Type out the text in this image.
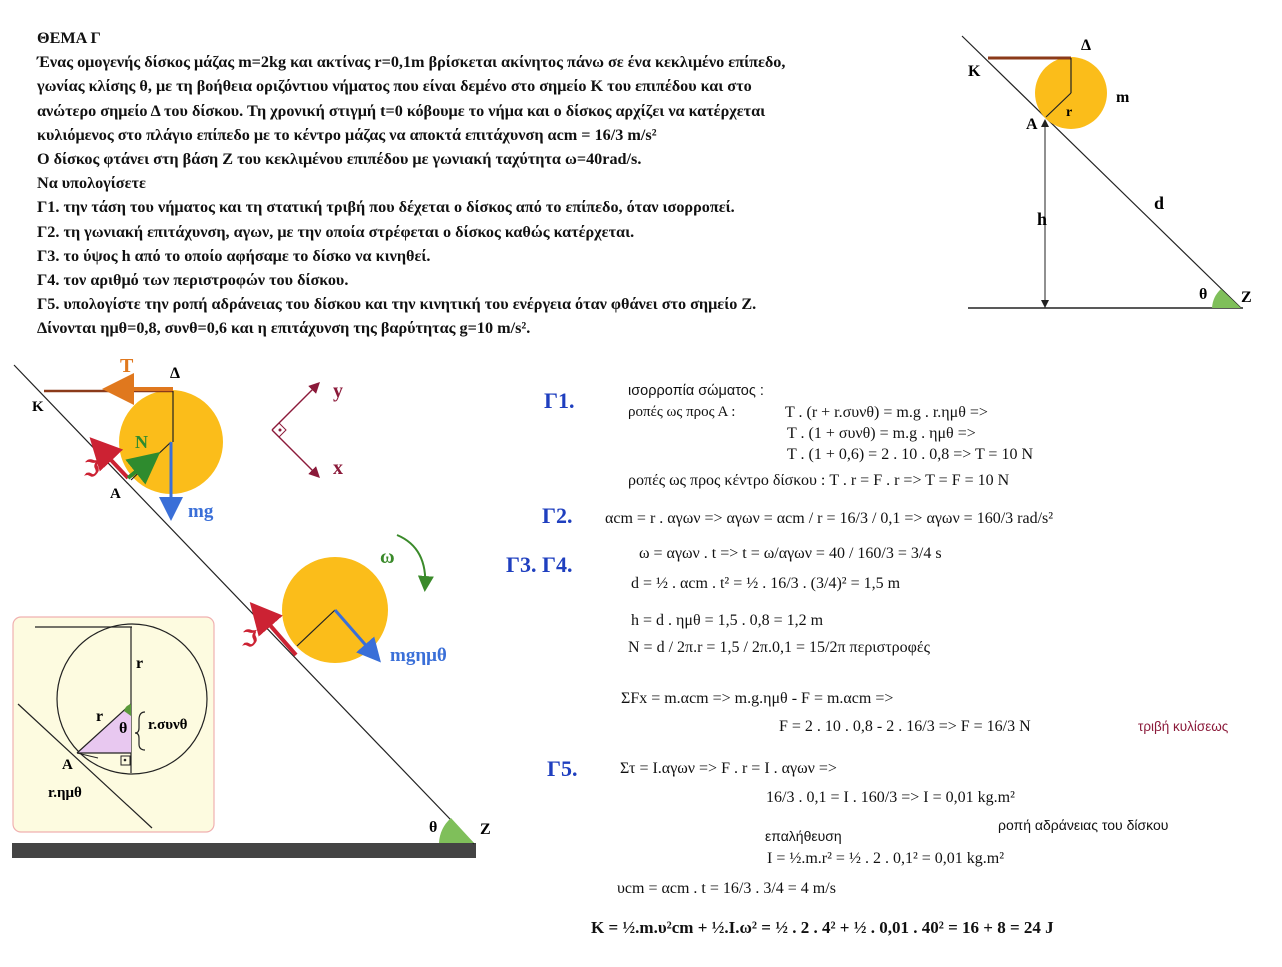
ΘΕΜΑ Γ
Ένας ομογενής δίσκος μάζας m=2kg και ακτίνας r=0,1m βρίσκεται ακίνητος πάνω σε ένα κεκλιμένο επίπεδο,
γωνίας κλίσης θ, με τη βοήθεια οριζόντιου νήματος που είναι δεμένο στο σημείο Κ του επιπέδου και στο
ανώτερο σημείο Δ του δίσκου. Τη χρονική στιγμή t=0 κόβουμε το νήμα και ο δίσκος αρχίζει να κατέρχεται
κυλιόμενος στο πλάγιο επίπεδο με το κέντρο μάζας να αποκτά επιτάχυνση αcm = 16/3 m/s²
Ο δίσκος φτάνει στη βάση Ζ του κεκλιμένου επιπέδου με γωνιακή ταχύτητα ω=40rad/s.
Να υπολογίσετε
Γ1. την τάση του νήματος και τη στατική τριβή που δέχεται ο δίσκος από το επίπεδο, όταν ισορροπεί.
Γ2. τη γωνιακή επιτάχυνση, αγων, με την οποία στρέφεται ο δίσκος καθώς κατέρχεται.
Γ3. το ύψος h από το οποίο αφήσαμε το δίσκο να κινηθεί.
Γ4. τον αριθμό των περιστροφών του δίσκου.
Γ5. υπολογίστε την ροπή αδράνειας του δίσκου και την κινητική του ενέργεια όταν φθάνει στο σημείο Ζ.
Δίνονται ημθ=0,8, συνθ=0,6 και η επιτάχυνση της βαρύτητας g=10 m/s².
K
Δ
m
r
A
h
d
θ Z
T Δ
K
N
ℑ
A
mg
y
x
ω
ℑ
mgημθ
θ	Z
r
θ
r	r.συνθ
A
r.ημθ
Γ1.	ισορροπία σώματος :
ροπές ως προς Α :	T . (r + r.συνθ) = m.g . r.ημθ =>
T . (1 + συνθ) = m.g . ημθ =>
T . (1 + 0,6) = 2 . 10 . 0,8 => T = 10 N
ροπές ως προς κέντρο δίσκου : T . r = F . r => T = F = 10 N
Γ2. αcm = r . αγων => αγων = αcm / r = 16/3 / 0,1 => αγων = 160/3 rad/s²
Γ3. Γ4.	ω = αγων . t => t = ω/αγων = 40 / 160/3 = 3/4 s
d = ½ . αcm . t² = ½ . 16/3 . (3/4)² = 1,5 m
h = d . ημθ = 1,5 . 0,8 = 1,2 m
N = d / 2π.r = 1,5 / 2π.0,1 = 15/2π περιστροφές
ΣFx = m.αcm => m.g.ημθ - F = m.αcm =>
F = 2 . 10 . 0,8 - 2 . 16/3 => F = 16/3 N	τριβή κυλίσεως
Γ5.	Στ = Ι.αγων => F . r = Ι . αγων =>
16/3 . 0,1 = Ι . 160/3 => Ι = 0,01 kg.m²
ροπή αδράνειας του δίσκου
επαλήθευση
Ι = ½.m.r² = ½ . 2 . 0,1² = 0,01 kg.m²
υcm = αcm . t = 16/3 . 3/4 = 4 m/s
K = ½.m.υ²cm + ½.Ι.ω² = ½ . 2 . 4² + ½ . 0,01 . 40² = 16 + 8 = 24 J
